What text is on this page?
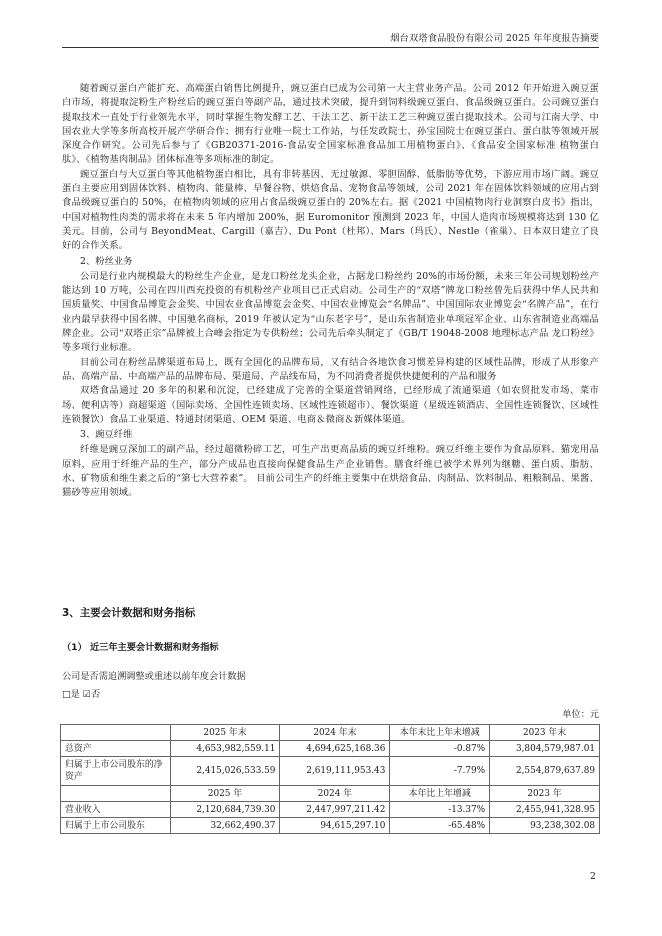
烟台双塔食品股份有限公司 2025 年年度报告摘要

随着豌豆蛋白产能扩充、高端蛋白销售比例提升，豌豆蛋白已成为公司第一大主营业务产品。公司 2012 年开始进入豌豆蛋白市场，将提取淀粉生产粉丝后的豌豆蛋白等副产品，通过技术突破，提升到饲料级豌豆蛋白、食品级豌豆蛋白。公司豌豆蛋白提取技术一直处于行业领先水平，同时掌握生物发酵工艺、干法工艺、新干法工艺三种豌豆蛋白提取技术。公司与江南大学、中国农业大学等多所高校开展产学研合作；拥有行业唯一院士工作站，与任发政院士、孙宝国院士在豌豆蛋白、蛋白肽等领域开展深度合作研究。公司先后参与了《GB20371-2016-食品安全国家标准食品加工用植物蛋白》、《食品安全国家标准 植物蛋白肽》、《植物基肉制品》团体标准等多项标准的制定。

豌豆蛋白与大豆蛋白等其他植物蛋白相比，具有非转基因、无过敏源、零胆固醇、低脂肪等优势，下游应用市场广阔。豌豆蛋白主要应用到固体饮料、植物肉、能量棒、早餐谷物、烘焙食品、宠物食品等领域，公司 2021 年在固体饮料领域的应用占到食品级豌豆蛋白的 50%，在植物肉领域的应用占食品级豌豆蛋白的 20%左右。据《2021 中国植物肉行业洞察白皮书》指出，中国对植物性肉类的需求将在未来 5 年内增加 200%，据 Euromonitor 预测到 2023 年，中国人造肉市场规模将达到 130 亿美元。目前，公司与 BeyondMeat、Cargill（嘉吉）、Du Pont（杜邦）、Mars（玛氏）、Nestle（雀巢）、日本双日建立了良好的合作关系。

2、粉丝业务

公司是行业内规模最大的粉丝生产企业，是龙口粉丝龙头企业，占据龙口粉丝约 20%的市场份额，未来三年公司规划粉丝产能达到 10 万吨，公司在四川西充投资的有机粉丝产业项目已正式启动。公司生产的“双塔”牌龙口粉丝曾先后获得中华人民共和国质量奖、中国食品博览会金奖、中国农业食品博览会金奖、中国农业博览会“名牌品”、中国国际农业博览会“名牌产品”，在行业内最早获得中国名牌、中国驰名商标，2019 年被认定为“山东老字号”，是山东省制造业单项冠军企业、山东省制造业高端品牌企业。公司“双塔正宗”品牌被上合峰会指定为专供粉丝；公司先后牵头制定了《GB/T 19048-2008 地理标志产品 龙口粉丝》等多项行业标准。

目前公司在粉丝品牌渠道布局上，既有全国化的品牌布局，又有结合各地饮食习惯差异构建的区域性品牌，形成了从形象产品、高端产品、中高端产品的品牌布局、渠道局、产品线布局，为不同消费者提供快捷便利的产品和服务

双塔食品通过 20 多年的积累和沉淀，已经建成了完善的全渠道营销网络，已经形成了流通渠道（如农贸批发市场、菜市场、便利店等）商超渠道（国际卖场、全国性连锁卖场、区域性连锁超市）、餐饮渠道（星级连锁酒店、全国性连锁餐饮、区域性连锁餐饮）食品工业渠道、特通封闭渠道、OEM 渠道、电商＆微商＆新媒体渠道。

3、豌豆纤维

纤维是豌豆深加工的副产品，经过超微粉碎工艺，可生产出更高品质的豌豆纤维粉。豌豆纤维主要作为食品原料、猫宠用品原料，应用于纤维产品的生产，部分产成品也直接向保健食品生产企业销售。膳食纤维已被学术界列为继糖、蛋白质、脂肪、水、矿物质和维生素之后的“第七大营养素”。 目前公司生产的纤维主要集中在烘焙食品、肉制品、饮料制品、粗粮制品、果酱、猫砂等应用领域。

3、主要会计数据和财务指标

（1） 近三年主要会计数据和财务指标

公司是否需追溯调整或重述以前年度会计数据

□是 ☑否

单位：元
	2025 年末	2024 年末	本年末比上年末增减	2023 年末
总资产	4,653,982,559.11	4,694,625,168.36	-0.87%	3,804,579,987.01
归属于上市公司股东的净资产	2,415,026,533.59	2,619,111,953.43	-7.79%	2,554,879,637.89
	2025 年	2024 年	本年比上年增减	2023 年
营业收入	2,120,684,739.30	2,447,997,211.42	-13.37%	2,455,941,328.95
归属于上市公司股东	32,662,490.37	94,615,297.10	-65.48%	93,238,302.08
2
